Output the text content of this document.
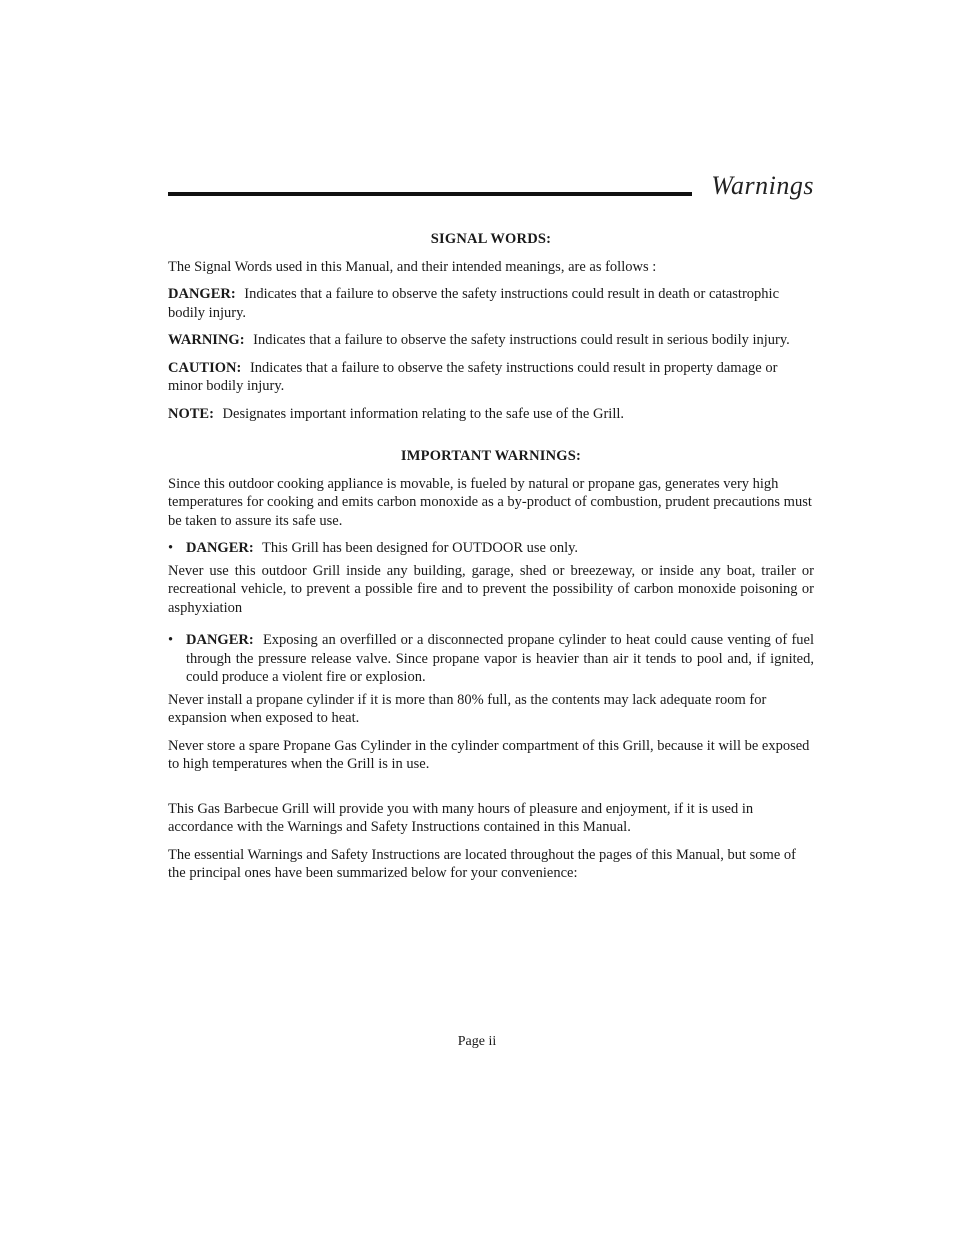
Warnings
SIGNAL WORDS:

The Signal Words used in this Manual, and their intended meanings, are as follows :

DANGER: Indicates that a failure to observe the safety instructions could result in death or catastrophic bodily injury.

WARNING: Indicates that a failure to observe the safety instructions could result in serious bodily injury.

CAUTION: Indicates that a failure to observe the safety instructions could result in property damage or minor bodily injury.

NOTE: Designates important information relating to the safe use of the Grill.

IMPORTANT WARNINGS:

Since this outdoor cooking appliance is movable, is fueled by natural or propane gas, generates very high temperatures for cooking and emits carbon monoxide as a by-product of combustion, prudent precautions must be taken to assure its safe use.

• DANGER: This Grill has been designed for OUTDOOR use only.

Never use this outdoor Grill inside any building, garage, shed or breezeway, or inside any boat, trailer or recreational vehicle, to prevent a possible fire and to prevent the possibility of carbon monoxide poisoning or asphyxiation

• DANGER: Exposing an overfilled or a disconnected propane cylinder to heat could cause venting of fuel through the pressure release valve. Since propane vapor is heavier than air it tends to pool and, if ignited, could produce a violent fire or explosion.

Never install a propane cylinder if it is more than 80% full, as the contents may lack adequate room for expansion when exposed to heat.

Never store a spare Propane Gas Cylinder in the cylinder compartment of this Grill, because it will be exposed to high temperatures when the Grill is in use.

This Gas Barbecue Grill will provide you with many hours of pleasure and enjoyment, if it is used in accordance with the Warnings and Safety Instructions contained in this Manual.

The essential Warnings and Safety Instructions are located throughout the pages of this Manual, but some of the principal ones have been summarized below for your convenience:

Page ii
